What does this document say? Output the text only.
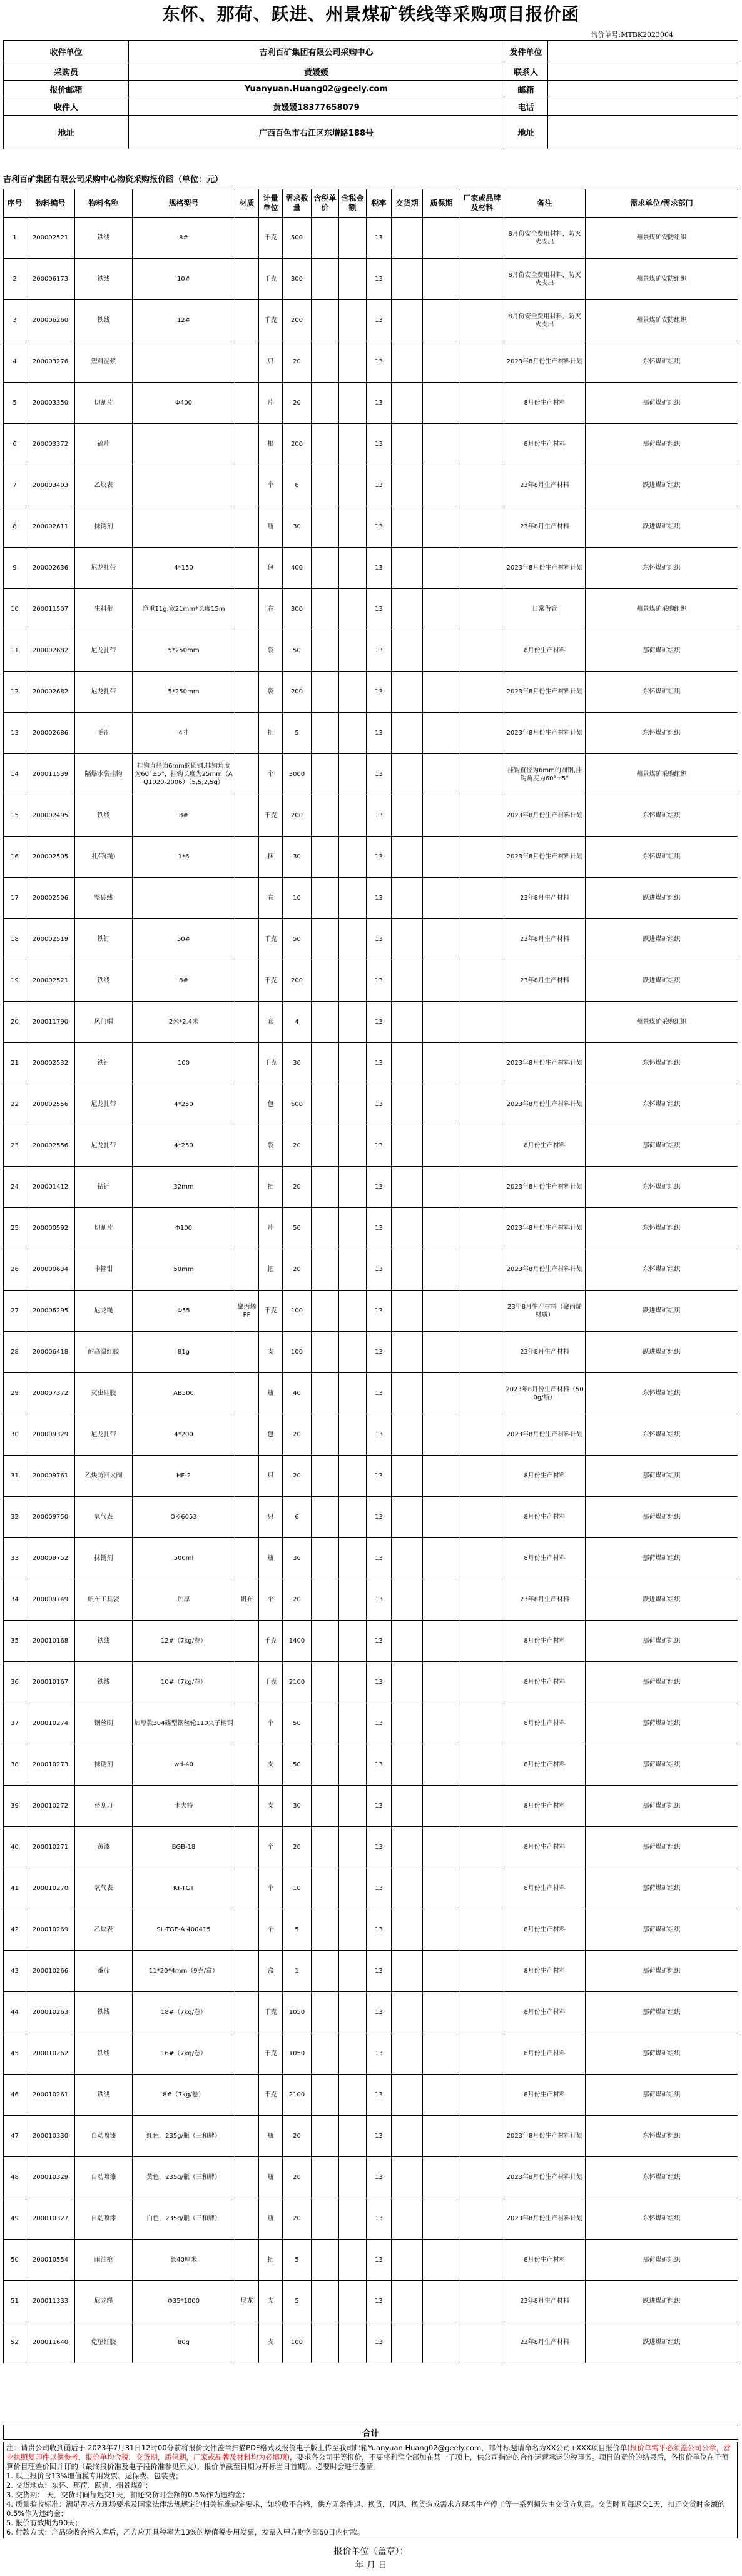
东怀、那荷、跃进、州景煤矿铁线等采购项目报价函
询价单号:MTBK2023004
收件单位	吉利百矿集团有限公司采购中心	发件单位	
采购员	黄媛媛	联系人	
报价邮箱	Yuanyuan.Huang02@geely.com	邮箱	
收件人	黄媛媛18377658079	电话	
地址	广西百色市右江区东增路188号	地址	
吉利百矿集团有限公司采购中心物资采购报价函（单位：元）
序号	物料编号	物料名称	规格型号	材质	计量单位	需求数量	含税单价	含税金额	税率	交货期	质保期	厂家或品牌及材料	备注	需求单位/需求部门
1	200002521	铁线	8#		千克	500			13				8月份安全费用材料，防灭火支出	州景煤矿安防组织
2	200006173	铁线	10#		千克	300			13				8月份安全费用材料，防灭火支出	州景煤矿安防组织
3	200006260	铁线	12#		千克	200			13				8月份安全费用材料，防灭火支出	州景煤矿安防组织
4	200003276	塑料泥浆			只	20			13				2023年8月份生产材料计划	东怀煤矿组织
5	200003350	切割片	Φ400		片	20			13				8月份生产材料	那荷煤矿组织
6	200003372	镐片			根	200			13				8月份生产材料	那荷煤矿组织
7	200003403	乙炔表			个	6			13				23年8月生产材料	跃进煤矿组织
8	200002611	抹锈剂			瓶	30			13				23年8月生产材料	跃进煤矿组织
9	200002636	尼龙扎带	4*150		包	400			13				2023年8月份生产材料计划	东怀煤矿组织
10	200011507	生料带	净重11g,宽21mm*长度15m		卷	300			13				日常借管	州景煤矿采购组织
11	200002682	尼龙扎带	5*250mm		袋	50			13				8月份生产材料	那荷煤矿组织
12	200002682	尼龙扎带	5*250mm		袋	200			13				2023年8月份生产材料计划	东怀煤矿组织
13	200002686	毛刷	4寸		把	5			13				2023年8月份生产材料计划	东怀煤矿组织
14	200011539	隔爆水袋挂钩	挂钩直径为6mm的圆钢,挂钩角度为60°±5°，挂钩长度为25mm（AQ1020-2006）（5,5,2,5g）		个	3000			13				挂钩直径为6mm的圆钢,挂钩角度为60°±5°	州景煤矿采购组织
15	200002495	铁线	8#		千克	200			13				2023年8月份生产材料计划	东怀煤矿组织
16	200002505	扎带(绳)	1*6		捆	30			13				2023年8月份生产材料计划	东怀煤矿组织
17	200002506	整砖线			卷	10			13				23年8月生产材料	跃进煤矿组织
18	200002519	铁钉	50#		千克	50			13				23年8月生产材料	跃进煤矿组织
19	200002521	铁线	8#		千克	200			13				23年8月生产材料	跃进煤矿组织
20	200011790	风门帽	2米*2.4米		套	4			13					州景煤矿采购组织
21	200002532	铁钉	100		千克	30			13				2023年8月份生产材料计划	东怀煤矿组织
22	200002556	尼龙扎带	4*250		包	600			13				2023年8月份生产材料计划	东怀煤矿组织
23	200002556	尼龙扎带	4*250		袋	20			13				8月份生产材料	那荷煤矿组织
24	200001412	钻钎	32mm		把	20			13				2023年8月份生产材料计划	东怀煤矿组织
25	200000592	切割片	Φ100		片	50			13				2023年8月份生产材料计划	东怀煤矿组织
26	200000634	卡箍钳	50mm		把	20			13				2023年8月份生产材料计划	东怀煤矿组织
27	200006295	尼龙绳	Φ55	聚丙烯PP	千克	100			13				23年8月生产材料（聚丙烯材质）	跃进煤矿组织
28	200006418	耐高温红胶	81g		支	100			13				23年8月生产材料	跃进煤矿组织
29	200007372	灭虫硅胶	AB500		瓶	40			13				2023年8月份生产材料（500g/瓶）	东怀煤矿组织
30	200009329	尼龙扎带	4*200		包	20			13				2023年8月份生产材料计划	东怀煤矿组织
31	200009761	乙炔防回火阀	HF-2		只	20			13				8月份生产材料	那荷煤矿组织
32	200009750	氧气表	OK-6053		只	6			13				8月份生产材料	那荷煤矿组织
33	200009752	抹锈剂	500ml		瓶	36			13				8月份生产材料	那荷煤矿组织
34	200009749	帆布工具袋	加厚	帆布	个	20			13				23年8月生产材料	跃进煤矿组织
35	200010168	铁线	12#（7kg/卷）		千克	1400			13				8月份生产材料	那荷煤矿组织
36	200010167	铁线	10#（7kg/卷）		千克	2100			13				8月份生产材料	那荷煤矿组织
37	200010274	钢丝刷	加厚款304碟型钢丝轮110夹子柄钢		个	50			13				8月份生产材料	那荷煤矿组织
38	200010273	抹锈剂	wd-40		支	50			13				8月份生产材料	那荷煤矿组织
39	200010272	苔刮刀	卡夫特		支	30			13				8月份生产材料	那荷煤矿组织
40	200010271	黄漆	BGB-18		个	20			13				8月份生产材料	那荷煤矿组织
41	200010270	氧气表	KT-TGT		个	10			13				8月份生产材料	那荷煤矿组织
42	200010269	乙炔表	SL-TGE-A 400415		个	5			13				8月份生产材料	那荷煤矿组织
43	200010266	番茄	11*20*4mm（9克/盒）		盒	1			13				8月份生产材料	那荷煤矿组织
44	200010263	铁线	18#（7kg/卷）		千克	1050			13				8月份生产材料	那荷煤矿组织
45	200010262	铁线	16#（7kg/卷）		千克	1050			13				8月份生产材料	那荷煤矿组织
46	200010261	铁线	8#（7kg/卷）		千克	2100			13				8月份生产材料	那荷煤矿组织
47	200010330	自动喷漆	红色，235g/瓶（三和牌）		瓶	20			13				2023年8月份生产材料计划	东怀煤矿组织
48	200010329	自动喷漆	黄色，235g/瓶（三和牌）		瓶	20			13				2023年8月份生产材料计划	东怀煤矿组织
49	200010327	自动喷漆	白色，235g/瓶（三和牌）		瓶	20			13				2023年8月份生产材料计划	东怀煤矿组织
50	200010554	雨油枪	长40厘米		把	5			13				8月份生产材料	那荷煤矿组织
51	200011333	尼龙绳	Φ35*1000	尼龙	支	5			13				23年8月生产材料	跃进煤矿组织
52	200011640	免垫红胶	80g		支	100			13				23年8月生产材料	跃进煤矿组织
合计
注：请贵公司收到函后于 2023年7月31日12时00分前将报价文件盖章扫描PDF格式及报价电子版上传至我司邮箱Yuanyuan.Huang02@geely.com，邮件标题请命名为XX公司+XXX项目报价单(报价单需平必须盖公司公章，营业执照复印件以供参考，报价单均含税，交货期，质保期，厂家或品牌及材料均为必填项)，要求各公司平等报价，不要将利润全部加在某一子项上，供公司指定的合作运营承运的税事务。项目的竞价的结果后，各报价单位在千预算价目理差价回并订的（最终报价准及电子报价准参见原文），报价单截至日期为开标当日首期）。必要时会进行澄清。
1. 以上报价含13%增值税专用发票、运保费、包装费；
2. 交货地点：东怀、那荷、跃进、州景煤矿；
3. 交货期： 天，交货时间每迟交1天，扣还交货时金额的0.5%作为违约金；
4. 质量验收标准：满足需求方现场要求及国家法律法规规定的相关标准规定要求，如验收不合格，供方无条件退、换货，因退、换货造成需求方现场生产停工等一系列损失由交货方负责。交货时间每迟交1天，扣还交货时金额的0.5%作为违约金；
5. 报价有效期为90天；
6. 付款方式：产品验收合格入库后，乙方应开具税率为13%的增值税专用发票，发票入甲方财务部60日内付款。
报价单位（盖章）：
年 月 日
